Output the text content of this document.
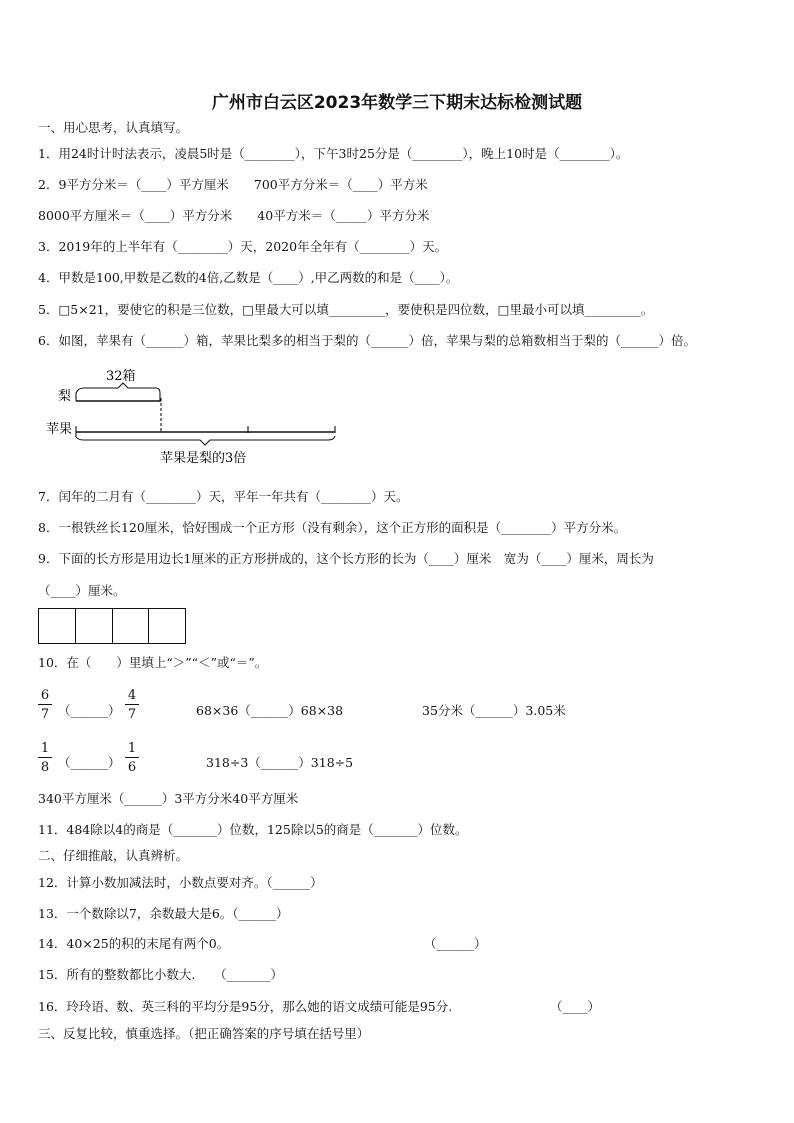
广州市白云区2023年数学三下期末达标检测试题
一、用心思考，认真填写。
1．用24时计时法表示，凌晨5时是（________），下午3时25分是（________），晚上10时是（________）。
2．9平方分米＝（____）平方厘米　　700平方分米＝（____）平方米
8000平方厘米＝（____）平方分米　　40平方米＝（_____）平方分米
3．2019年的上半年有（________）天，2020年全年有（________）天。
4．甲数是100,甲数是乙数的4倍,乙数是（____）,甲乙两数的和是（____）。
5．□5×21，要使它的积是三位数，□里最大可以填_________，要使积是四位数，□里最小可以填_________。
6．如图，苹果有（______）箱，苹果比梨多的相当于梨的（______）倍，苹果与梨的总箱数相当于梨的（______）倍。
32箱
梨
苹果
苹果是梨的3倍
7．闰年的二月有（________）天，平年一年共有（________）天。
8．一根铁丝长120厘米，恰好围成一个正方形（没有剩余），这个正方形的面积是（________）平方分米。
9．下面的长方形是用边长1厘米的正方形拼成的，这个长方形的长为（____）厘米　宽为（____）厘米，周长为
（____）厘米。
10．在（　　）里填上“＞”“＜”或“＝”。
$\frac{6}{7}$ （______） $\frac{4}{7}$	68×36（______）68×38	35分米（______）3.05米
$\frac{1}{8}$ （______） $\frac{1}{6}$	318÷3（______）318÷5
340平方厘米（______）3平方分米40平方厘米
11．484除以4的商是（_______）位数，125除以5的商是（_______）位数。
二、仔细推敲，认真辨析。
12．计算小数加减法时，小数点要对齐。（______）
13．一个数除以7，余数最大是6。（______）
14．40×25的积的末尾有两个0。	（______）
15．所有的整数都比小数大.　　（_______）
16．玲玲语、数、英三科的平均分是95分，那么她的语文成绩可能是95分.	（____）
三、反复比较，慎重选择。（把正确答案的序号填在括号里）
